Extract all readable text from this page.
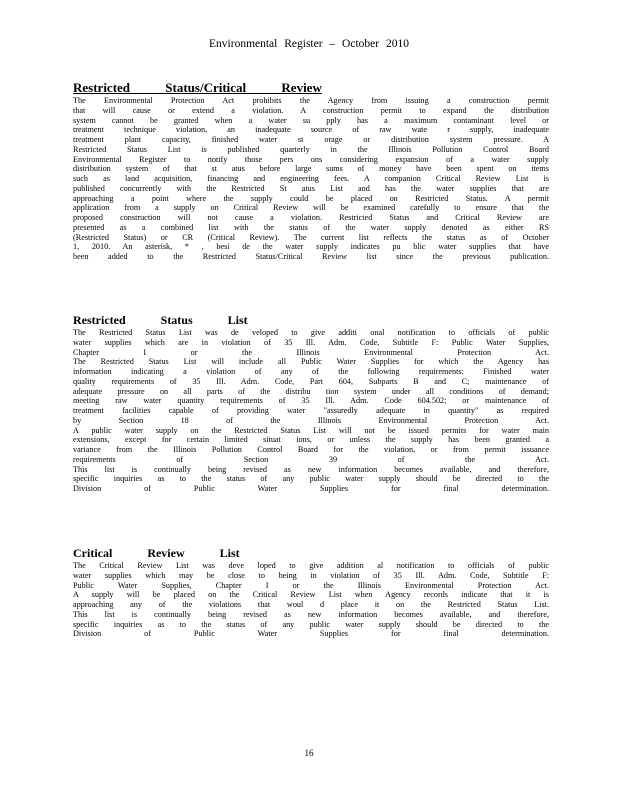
Environmental Register – October 2010
Restricted Status/Critical Review
The Environmental Protection Act prohibits the Agency from issuing a construction permit
that will cause or extend a violation. A construction permit to expand the distribution
system cannot be granted when a water su pply has a maximum contaminant level or
treatment technique violation, an inadequate source of raw wate r supply, inadequate
treatment plant capacity, finished water st orage or distribution system pressure. A
Restricted Status List is published quarterly in the Illinois Pollution Control Board
Environmental Register to notify those pers ons considering expansion of a water supply
distribution system of that st atus before large sums of money have been spent on items
such as land acquisition, financing and engineering fees. A companion Critical Review List is
published concurrently with the Restricted St atus List and has the water supplies that are
approaching a point where the supply could be placed on Restricted Status. A permit
application from a supply on Critical Review will be examined carefully to ensure that the
proposed construction will not cause a violation. Restricted Status and Critical Review are
presented as a combined list with the status of the water supply denoted as either RS
(Restricted Status) or CR (Critical Review). The current list reflects the status as of October
1, 2010. An asterisk, * , besi de the water supply indicates pu blic water supplies that have
been added to the Restricted Status/Critical Review list since the previous publication.
Restricted Status List
The Restricted Status List was de veloped to give additi onal notification to officials of public
water supplies which are in violation of 35 Ill. Adm. Code, Subtitle F: Public Water Supplies,
Chapter I or the Illinois Environmental Protection Act.
The Restricted Status List will include all Public Water Supplies for which the Agency has
information indicating a violation of any of the following requirements: Finished water
quality requirements of 35 Ill. Adm. Code, Part 604, Subparts B and C; maintenance of
adequate pressure on all parts of the distribu tion system under all conditions of demand;
meeting raw water quantity requirements of 35 Ill. Adm. Code 604.502; or maintenance of
treatment facilities capable of providing water "assuredly adequate in quantity" as required
by Section 18 of the Illinois Environmental Protection Act.
A public water supply on the Restricted Status List will not be issued permits for water main
extensions, except for certain limited situat ions, or unless the supply has been granted a
variance from the Illinois Pollution Control Board for the violation, or from permit issuance
requirements of Section 39 of the Act.
This list is continually being revised as new information becomes available, and therefore,
specific inquiries as to the status of any public water supply should be directed to the
Division of Public Water Supplies for final determination.
Critical Review List
The Critical Review List was deve loped to give addition al notification to officials of public
water supplies which may be close to being in violation of 35 Ill. Adm. Code, Subtitle F:
Public Water Supplies, Chapter I or the Illinois Environmental Protection Act.
A supply will be placed on the Critical Review List when Agency records indicate that it is
approaching any of the violations that woul d place it on the Restricted Status List.
This list is continually being revised as new information becomes available, and therefore,
specific inquiries as to the status of any public water supply should be directed to the
Division of Public Water Supplies for final determination.
16
